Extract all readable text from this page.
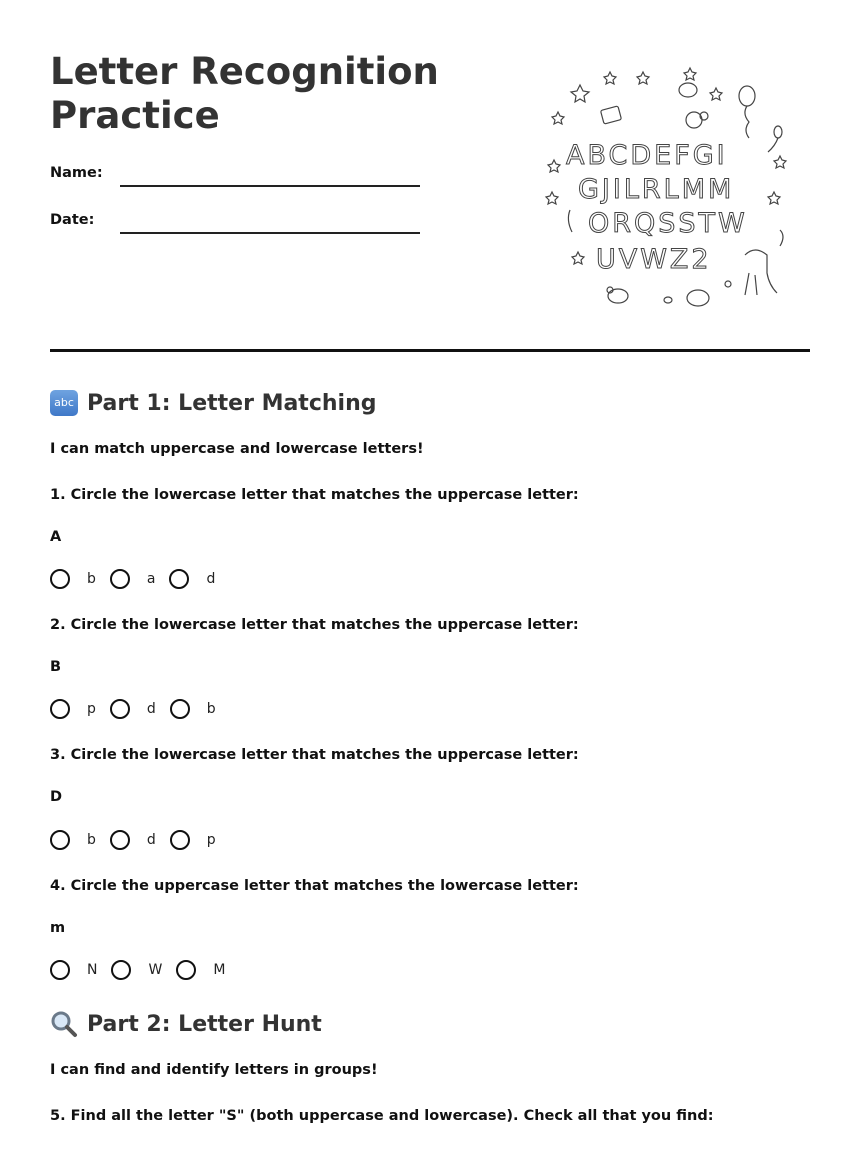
Letter Recognition
Practice
Name:
Date:
ABCDEFGI
GJILRLMM
ORQSSTW
UVWZ2
abc Part 1: Letter Matching
I can match uppercase and lowercase letters!
1. Circle the lowercase letter that matches the uppercase letter:
A
b	a	d
2. Circle the lowercase letter that matches the uppercase letter:
B
p	d	b
3. Circle the lowercase letter that matches the uppercase letter:
D
b	d	p
4. Circle the uppercase letter that matches the lowercase letter:
m
N	W	M
Part 2: Letter Hunt
I can find and identify letters in groups!
5. Find all the letter "S" (both uppercase and lowercase). Check all that you find:
